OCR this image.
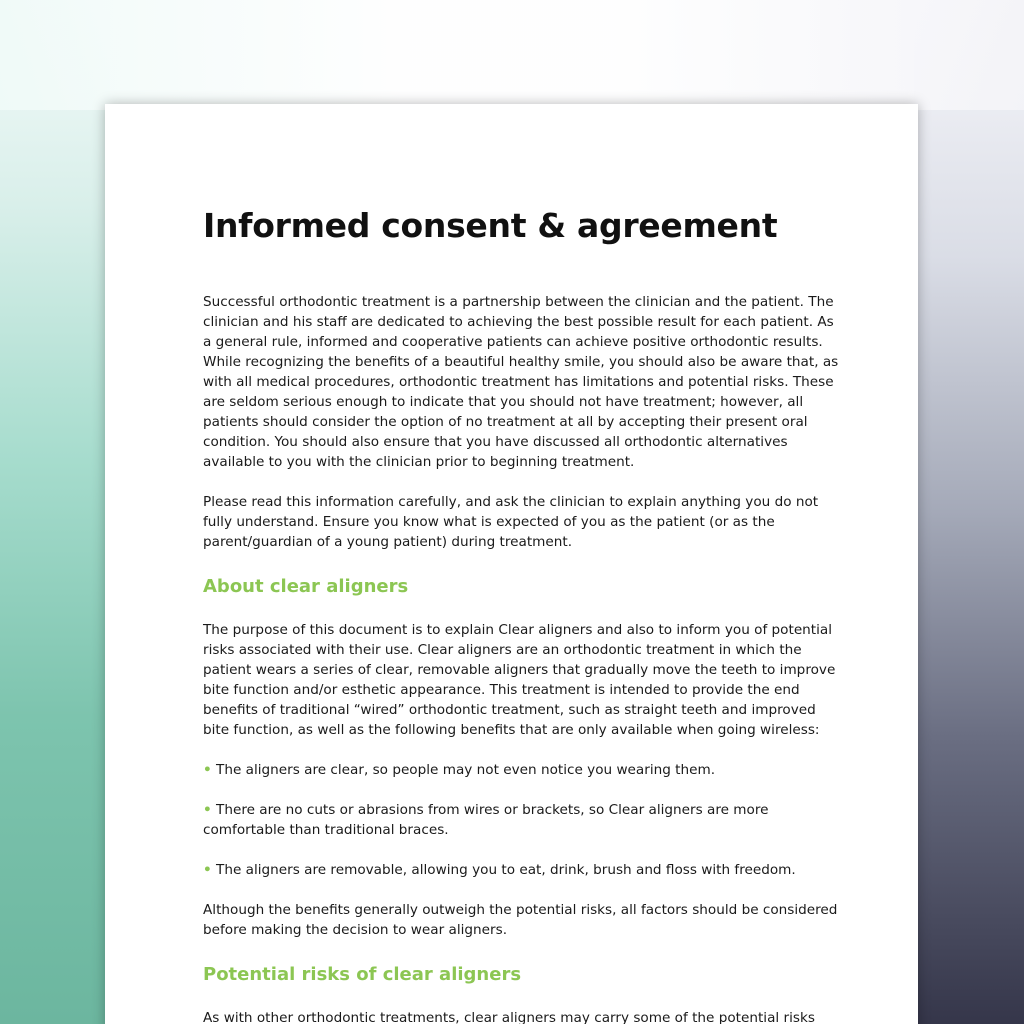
Informed consent & agreement

Successful orthodontic treatment is a partnership between the clinician and the patient. The clinician and his staff are dedicated to achieving the best possible result for each patient. As a general rule, informed and cooperative patients can achieve positive orthodontic results. While recognizing the benefits of a beautiful healthy smile, you should also be aware that, as with all medical procedures, orthodontic treatment has limitations and potential risks. These are seldom serious enough to indicate that you should not have treatment; however, all patients should consider the option of no treatment at all by accepting their present oral condition. You should also ensure that you have discussed all orthodontic alternatives available to you with the clinician prior to beginning treatment.

Please read this information carefully, and ask the clinician to explain anything you do not fully understand. Ensure you know what is expected of you as the patient (or as the parent/guardian of a young patient) during treatment.

About clear aligners

The purpose of this document is to explain Clear aligners and also to inform you of potential risks associated with their use. Clear aligners are an orthodontic treatment in which the patient wears a series of clear, removable aligners that gradually move the teeth to improve bite function and/or esthetic appearance. This treatment is intended to provide the end benefits of traditional “wired” orthodontic treatment, such as straight teeth and improved bite function, as well as the following benefits that are only available when going wireless:

• The aligners are clear, so people may not even notice you wearing them.

• There are no cuts or abrasions from wires or brackets, so Clear aligners are more comfortable than traditional braces.

• The aligners are removable, allowing you to eat, drink, brush and floss with freedom.

Although the benefits generally outweigh the potential risks, all factors should be considered before making the decision to wear aligners.

Potential risks of clear aligners

As with other orthodontic treatments, clear aligners may carry some of the potential risks
